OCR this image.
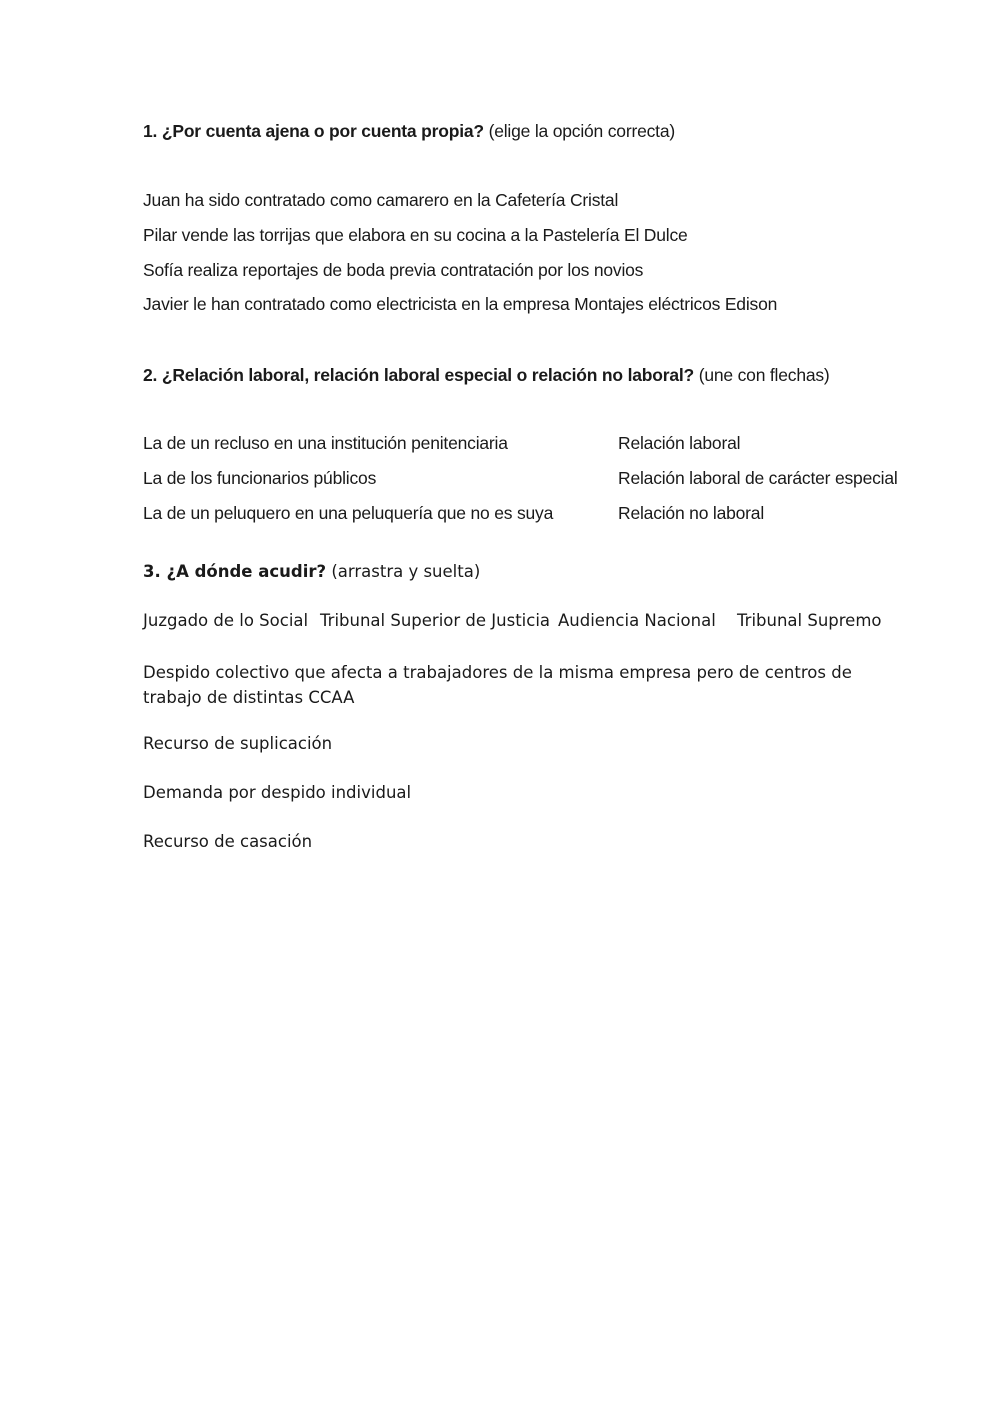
1. ¿Por cuenta ajena o por cuenta propia? (elige la opción correcta)
Juan ha sido contratado como camarero en la Cafetería Cristal
Pilar vende las torrijas que elabora en su cocina a la Pastelería El Dulce
Sofía realiza reportajes de boda previa contratación por los novios
Javier le han contratado como electricista en la empresa Montajes eléctricos Edison
2. ¿Relación laboral, relación laboral especial o relación no laboral? (une con flechas)
La de un recluso en una institución penitenciaria
La de los funcionarios públicos
La de un peluquero en una peluquería que no es suya
Relación laboral
Relación laboral de carácter especial
Relación no laboral
3. ¿A dónde acudir? (arrastra y suelta)
Juzgado de lo Social Tribunal Superior de Justicia Audiencia Nacional Tribunal Supremo
Despido colectivo que afecta a trabajadores de la misma empresa pero de centros de trabajo de distintas CCAA
Recurso de suplicación
Demanda por despido individual
Recurso de casación
